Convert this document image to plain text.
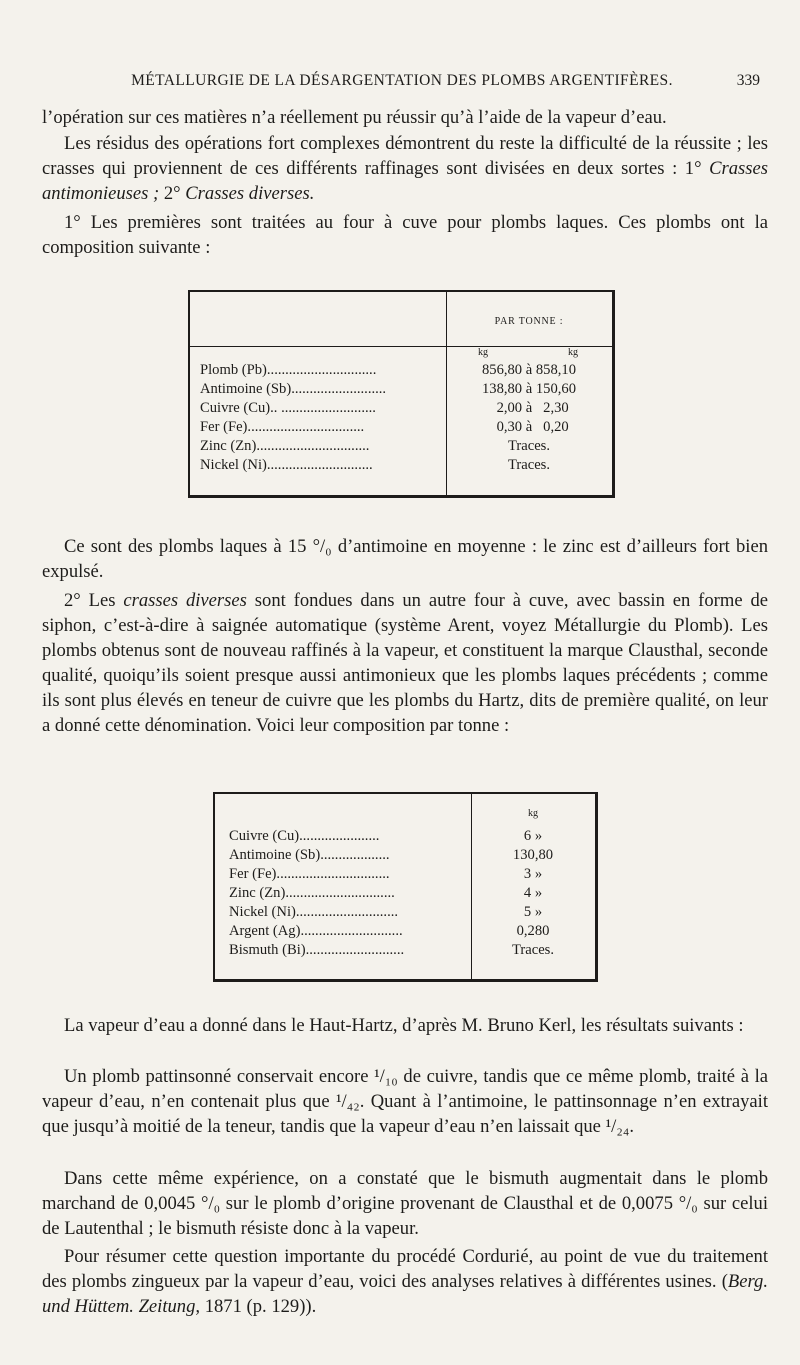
MÉTALLURGIE DE LA DÉSARGENTATION DES PLOMBS ARGENTIFÈRES.	339

l’opération sur ces matières n’a réellement pu réussir qu’à l’aide de la vapeur d’eau.

Les résidus des opérations fort complexes démontrent du reste la difficulté de la réussite ; les crasses qui proviennent de ces différents raffinages sont divisées en deux sortes : 1° Crasses antimonieuses ; 2° Crasses diverses.

1° Les premières sont traitées au four à cuve pour plombs laques. Ces plombs ont la composition suivante :

PAR TONNE :
kg	kg
Plomb (Pb)..............................	856,80 à 858,10
Antimoine (Sb)..........................	138,80 à 150,60
Cuivre (Cu).. ..........................	2,00 à   2,30
Fer (Fe)................................	0,30 à   0,20
Zinc (Zn)...............................	Traces.
Nickel (Ni).............................	Traces.

Ce sont des plombs laques à 15 °/₀ d’antimoine en moyenne : le zinc est d’ailleurs fort bien expulsé.

2° Les crasses diverses sont fondues dans un autre four à cuve, avec bassin en forme de siphon, c’est-à-dire à saignée automatique (système Arent, voyez Métallurgie du Plomb). Les plombs obtenus sont de nouveau raffinés à la vapeur, et constituent la marque Clausthal, seconde qualité, quoiqu’ils soient presque aussi antimonieux que les plombs laques précédents ; comme ils sont plus élevés en teneur de cuivre que les plombs du Hartz, dits de première qualité, on leur a donné cette dénomination. Voici leur composition par tonne :

kg
Cuivre (Cu)......................	6 »
Antimoine (Sb)...................	130,80
Fer (Fe)...............................	3 »
Zinc (Zn)..............................	4 »
Nickel (Ni)............................	5 »
Argent (Ag)............................	0,280
Bismuth (Bi)...........................	Traces.

La vapeur d’eau a donné dans le Haut-Hartz, d’après M. Bruno Kerl, les résultats suivants :

Un plomb pattinsonné conservait encore ¹/₁₀ de cuivre, tandis que ce même plomb, traité à la vapeur d’eau, n’en contenait plus que ¹/₄₂. Quant à l’antimoine, le pattinsonnage n’en extrayait que jusqu’à moitié de la teneur, tandis que la vapeur d’eau n’en laissait que ¹/₂₄.

Dans cette même expérience, on a constaté que le bismuth augmentait dans le plomb marchand de 0,0045 °/₀ sur le plomb d’origine provenant de Clausthal et de 0,0075 °/₀ sur celui de Lautenthal ; le bismuth résiste donc à la vapeur.

Pour résumer cette question importante du procédé Cordurié, au point de vue du traitement des plombs zingueux par la vapeur d’eau, voici des analyses relatives à différentes usines. (Berg. und Hüttem. Zeitung, 1871 (p. 129)).
